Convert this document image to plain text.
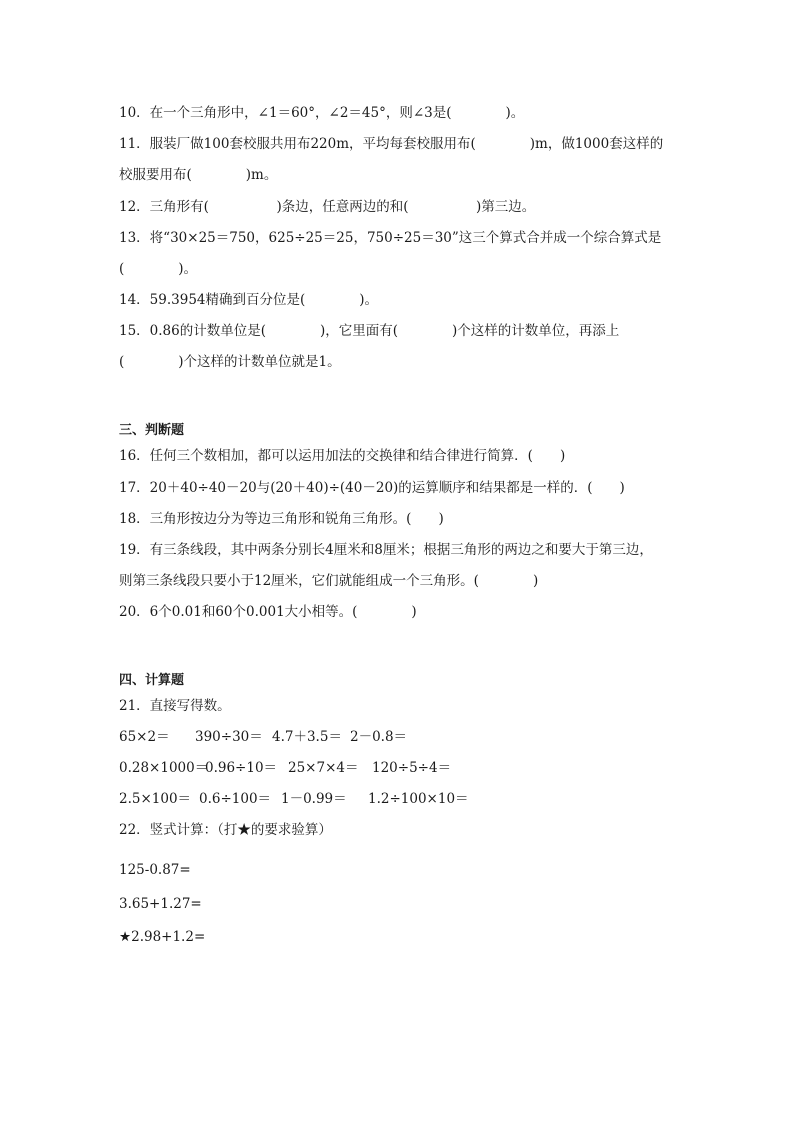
10．在一个三角形中，∠1＝60°，∠2＝45°，则∠3是(　　　　)。
11．服装厂做100套校服共用布220m，平均每套校服用布(　　　　)m，做1000套这样的
校服要用布(　　　　)m。
12．三角形有(　　　　　)条边，任意两边的和(　　　　　)第三边。
13．将“30×25＝750，625÷25＝25，750÷25＝30”这三个算式合并成一个综合算式是
(　　　　)。
14．59.3954精确到百分位是(　　　　)。
15．0.86的计数单位是(　　　　)，它里面有(　　　　)个这样的计数单位，再添上
(　　　　)个这样的计数单位就是1。
三、判断题
16．任何三个数相加，都可以运用加法的交换律和结合律进行简算．(　　)
17．20＋40÷40－20与(20＋40)÷(40－20)的运算顺序和结果都是一样的．(　　)
18．三角形按边分为等边三角形和锐角三角形。(　　)
19．有三条线段，其中两条分别长4厘米和8厘米；根据三角形的两边之和要大于第三边，
则第三条线段只要小于12厘米，它们就能组成一个三角形。(　　　　)
20．6个0.01和60个0.001大小相等。(　　　　)
四、计算题
21．直接写得数。

65×2＝

390÷30＝

4.7＋3.5＝

2－0.8＝

0.28×1000＝

0.96÷10＝

25×7×4＝

120÷5÷4＝

2.5×100＝

0.6÷100＝

1－0.99＝

1.2÷100×10＝

22．竖式计算：（打★的要求验算）
125-0.87=
3.65+1.27=
★2.98+1.2=
